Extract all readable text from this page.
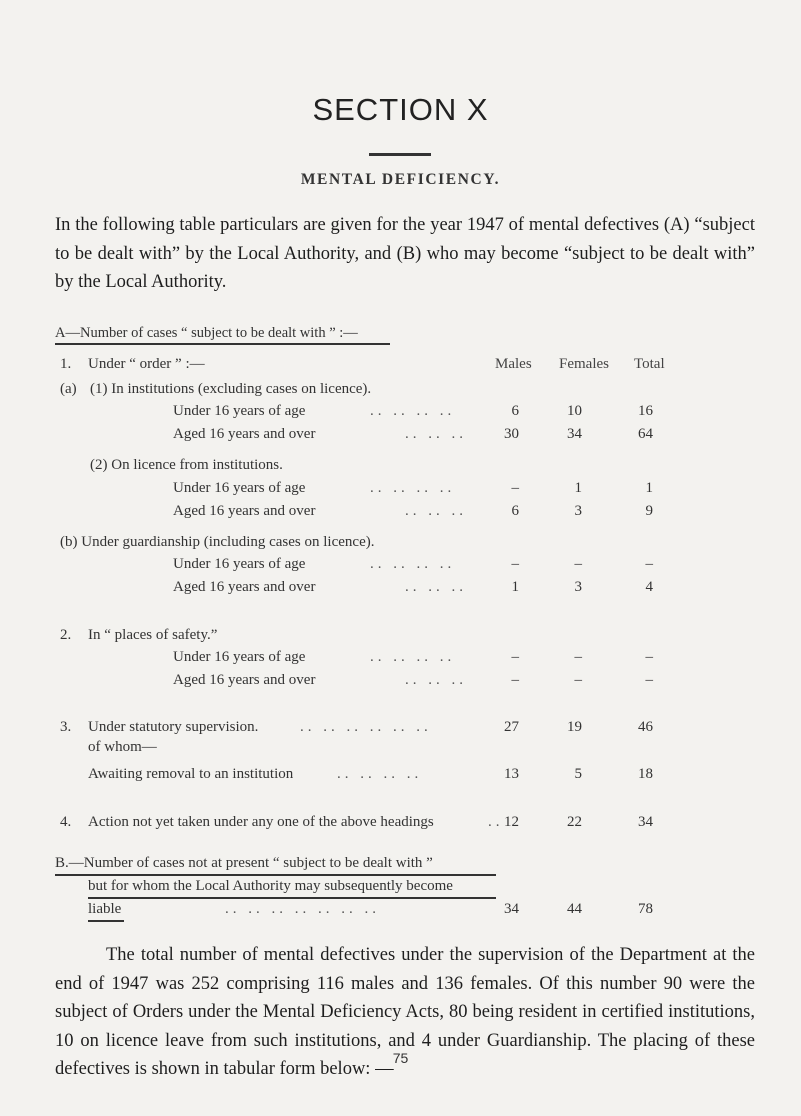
SECTION X
MENTAL DEFICIENCY.
In the following table particulars are given for the year 1947 of mental defectives (A) “subject to be dealt with” by the Local Authority, and (B) who may become “subject to be dealt with” by the Local Authority.
A—Number of cases “ subject to be dealt with ” :—
1. Under “ order ” :—	Males Females Total
(a) (1) In institutions (excluding cases on licence).
Under 16 years of age	.. .. .. ..	6	10	16
Aged 16 years and over	.. .. ..	30	34	64
(2) On licence from institutions.
Under 16 years of age	.. .. .. ..	–	1	1
Aged 16 years and over	.. .. ..	6	3	9
(b) Under guardianship (including cases on licence).
Under 16 years of age	.. .. .. ..	–	–	–
Aged 16 years and over	.. .. ..	1	3	4
2. In “ places of safety.”
Under 16 years of age	.. .. .. ..	–	–	–
Aged 16 years and over	.. .. ..	–	–	–
3. Under statutory supervision.	.. .. .. .. .. ..	27	19	46
of whom—
Awaiting removal to an institution	.. .. .. ..	13	5	18
4. Action not yet taken under any one of the above headings	.. 12	22	34
B.—Number of cases not at present “ subject to be dealt with ”
but for whom the Local Authority may subsequently become
liable	.. .. .. .. .. .. ..	34	44	78
The total number of mental defectives under the supervision of the Department at the end of 1947 was 252 comprising 116 males and 136 females. Of this number 90 were the subject of Orders under the Mental Deficiency Acts, 80 being resident in certified institutions, 10 on licence leave from such institutions, and 4 under Guardianship. The placing of these defectives is shown in tabular form below: —
75
